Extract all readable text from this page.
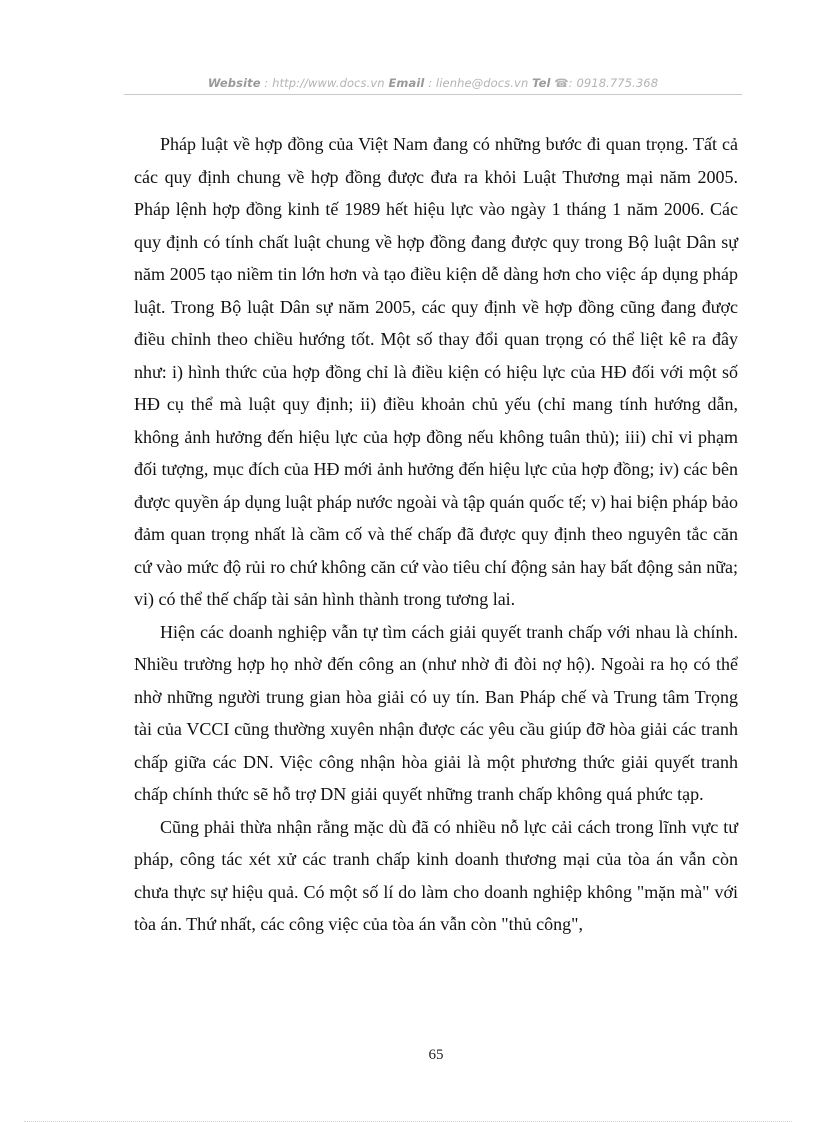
Website : http://www.docs.vn Email : lienhe@docs.vn Tel ☎: 0918.775.368

Pháp luật về hợp đồng của Việt Nam đang có những bước đi quan trọng. Tất cả các quy định chung về hợp đồng được đưa ra khỏi Luật Thương mại năm 2005. Pháp lệnh hợp đồng kinh tế 1989 hết hiệu lực vào ngày 1 tháng 1 năm 2006. Các quy định có tính chất luật chung về hợp đồng đang được quy trong Bộ luật Dân sự năm 2005 tạo niềm tin lớn hơn và tạo điều kiện dễ dàng hơn cho việc áp dụng pháp luật. Trong Bộ luật Dân sự năm 2005, các quy định về hợp đồng cũng đang được điều chỉnh theo chiều hướng tốt. Một số thay đổi quan trọng có thể liệt kê ra đây như: i) hình thức của hợp đồng chỉ là điều kiện có hiệu lực của HĐ đối với một số HĐ cụ thể mà luật quy định; ii) điều khoản chủ yếu (chỉ mang tính hướng dẫn, không ảnh hưởng đến hiệu lực của hợp đồng nếu không tuân thủ); iii) chỉ vi phạm đối tượng, mục đích của HĐ mới ảnh hưởng đến hiệu lực của hợp đồng; iv) các bên được quyền áp dụng luật pháp nước ngoài và tập quán quốc tế; v) hai biện pháp bảo đảm quan trọng nhất là cầm cố và thế chấp đã được quy định theo nguyên tắc căn cứ vào mức độ rủi ro chứ không căn cứ vào tiêu chí động sản hay bất động sản nữa; vi) có thể thế chấp tài sản hình thành trong tương lai.

Hiện các doanh nghiệp vẫn tự tìm cách giải quyết tranh chấp với nhau là chính. Nhiều trường hợp họ nhờ đến công an (như nhờ đi đòi nợ hộ). Ngoài ra họ có thể nhờ những người trung gian hòa giải có uy tín. Ban Pháp chế và Trung tâm Trọng tài của VCCI cũng thường xuyên nhận được các yêu cầu giúp đỡ hòa giải các tranh chấp giữa các DN. Việc công nhận hòa giải là một phương thức giải quyết tranh chấp chính thức sẽ hỗ trợ DN giải quyết những tranh chấp không quá phức tạp.

Cũng phải thừa nhận rằng mặc dù đã có nhiều nỗ lực cải cách trong lĩnh vực tư pháp, công tác xét xử các tranh chấp kinh doanh thương mại của tòa án vẫn còn chưa thực sự hiệu quả. Có một số lí do làm cho doanh nghiệp không "mặn mà" với tòa án. Thứ nhất, các công việc của tòa án vẫn còn "thủ công",

65
